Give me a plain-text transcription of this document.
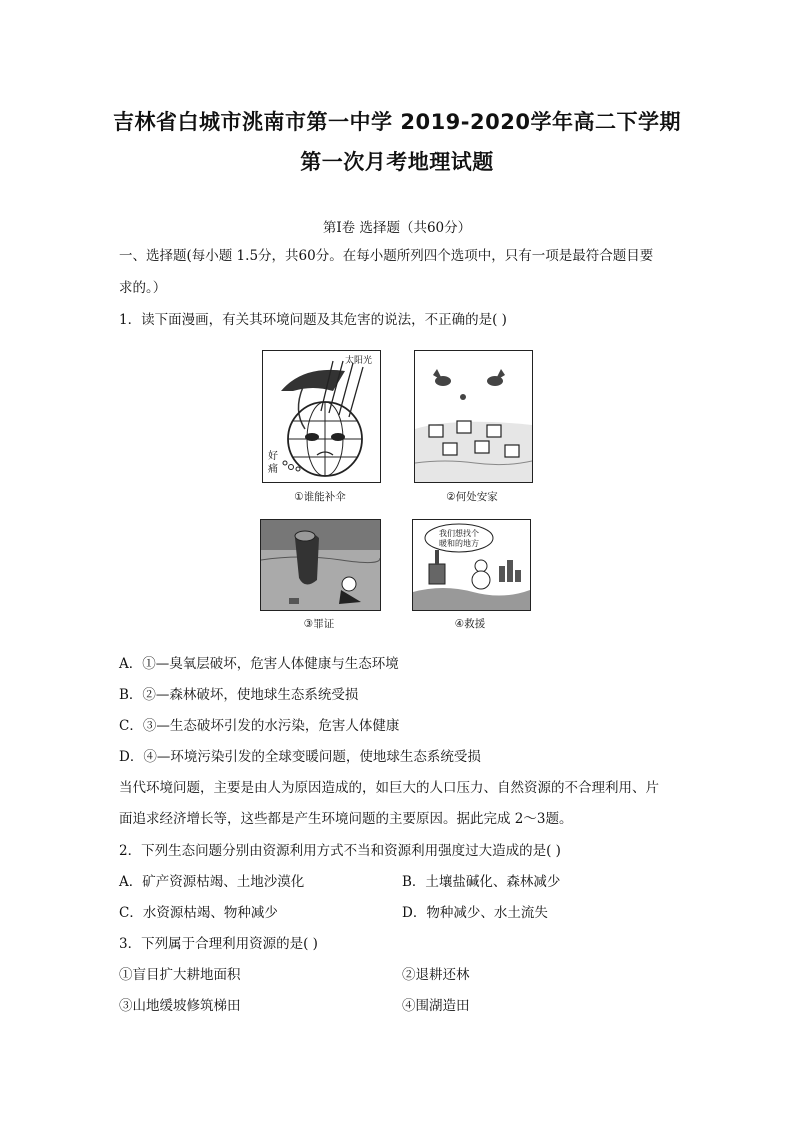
吉林省白城市洮南市第一中学 2019-2020学年高二下学期
第一次月考地理试题
第Ⅰ卷 选择题（共60分）
一、选择题(每小题 1.5分，共60分。在每小题所列四个选项中，只有一项是最符合题目要
求的。）
1．读下面漫画，有关其环境问题及其危害的说法，不正确的是( )
太阳光
好
痛
①谁能补伞	②何处安家
③罪证
我们想找个
暖和的地方
④救援
A．①—臭氧层破坏，危害人体健康与生态环境
B．②—森林破坏，使地球生态系统受损
C．③—生态破坏引发的水污染，危害人体健康
D．④—环境污染引发的全球变暖问题，使地球生态系统受损
当代环境问题，主要是由人为原因造成的，如巨大的人口压力、自然资源的不合理利用、片
面追求经济增长等，这些都是产生环境问题的主要原因。据此完成 2～3题。
2．下列生态问题分别由资源利用方式不当和资源利用强度过大造成的是( )
A．矿产资源枯竭、土地沙漠化	B．土壤盐碱化、森林减少
C．水资源枯竭、物种减少	D．物种减少、水土流失
3．下列属于合理利用资源的是( )
①盲目扩大耕地面积	②退耕还林
③山地缓坡修筑梯田	④围湖造田
